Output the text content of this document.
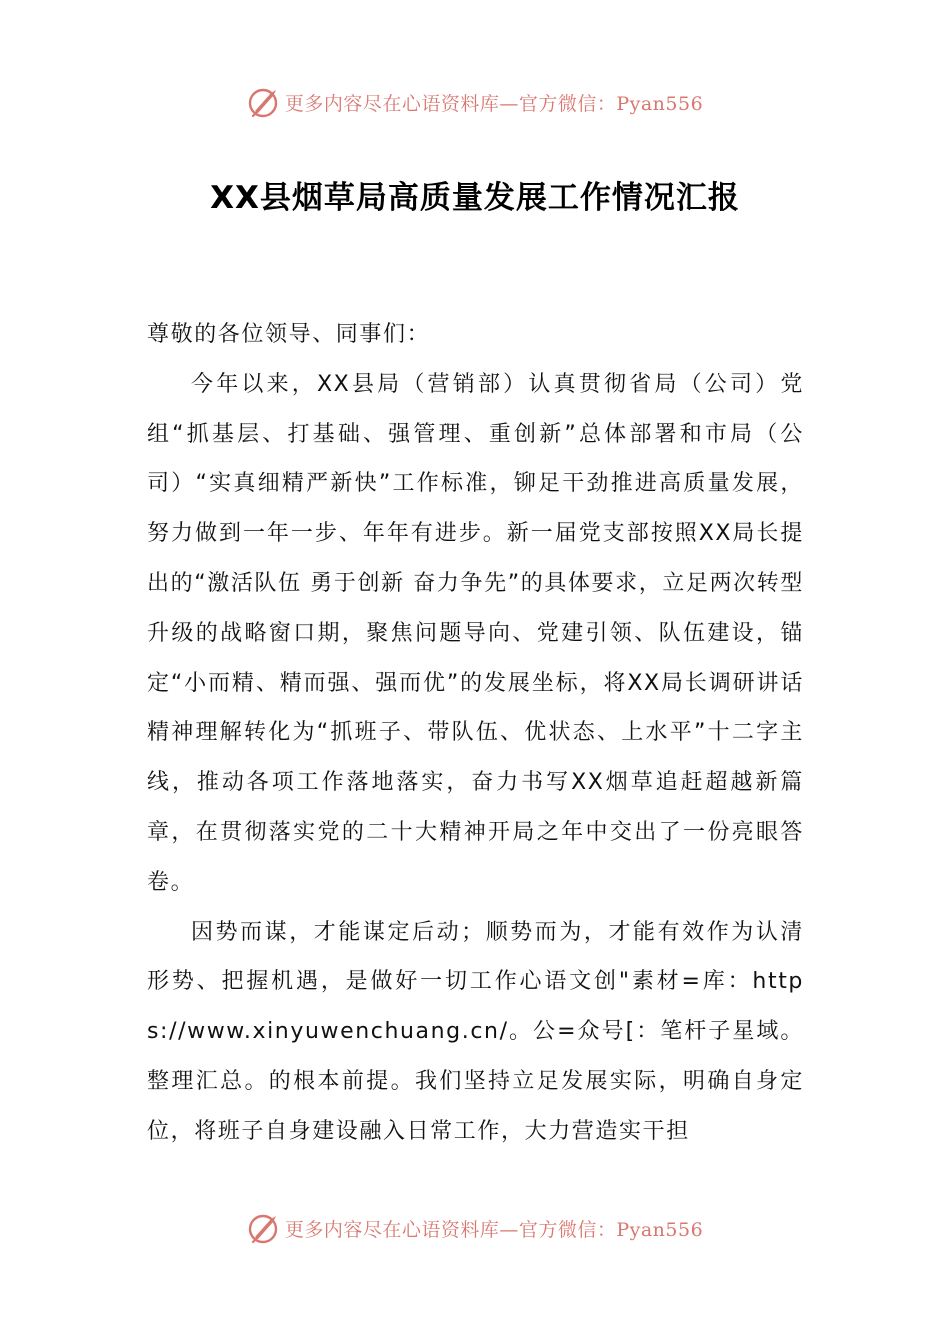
更多内容尽在心语资料库—官方微信：Pyan556
XX县烟草局高质量发展工作情况汇报

尊敬的各位领导、同事们：

今年以来，XX县局（营销部）认真贯彻省局（公司）党组“抓基层、打基础、强管理、重创新”总体部署和市局（公司）“实真细精严新快”工作标准，铆足干劲推进高质量发展，努力做到一年一步、年年有进步。新一届党支部按照XX局长提出的“激活队伍 勇于创新 奋力争先”的具体要求，立足两次转型升级的战略窗口期，聚焦问题导向、党建引领、队伍建设，锚定“小而精、精而强、强而优”的发展坐标，将XX局长调研讲话精神理解转化为“抓班子、带队伍、优状态、上水平”十二字主线，推动各项工作落地落实，奋力书写XX烟草追赶超越新篇章，在贯彻落实党的二十大精神开局之年中交出了一份亮眼答卷。

因势而谋，才能谋定后动；顺势而为，才能有效作为认清形势、把握机遇，是做好一切工作心语文创"素材=库：https://www.xinyuwenchuang.cn/。公=众号[：笔杆子星域。整理汇总。的根本前提。我们坚持立足发展实际，明确自身定位，将班子自身建设融入日常工作，大力营造实干担

更多内容尽在心语资料库—官方微信：Pyan556
